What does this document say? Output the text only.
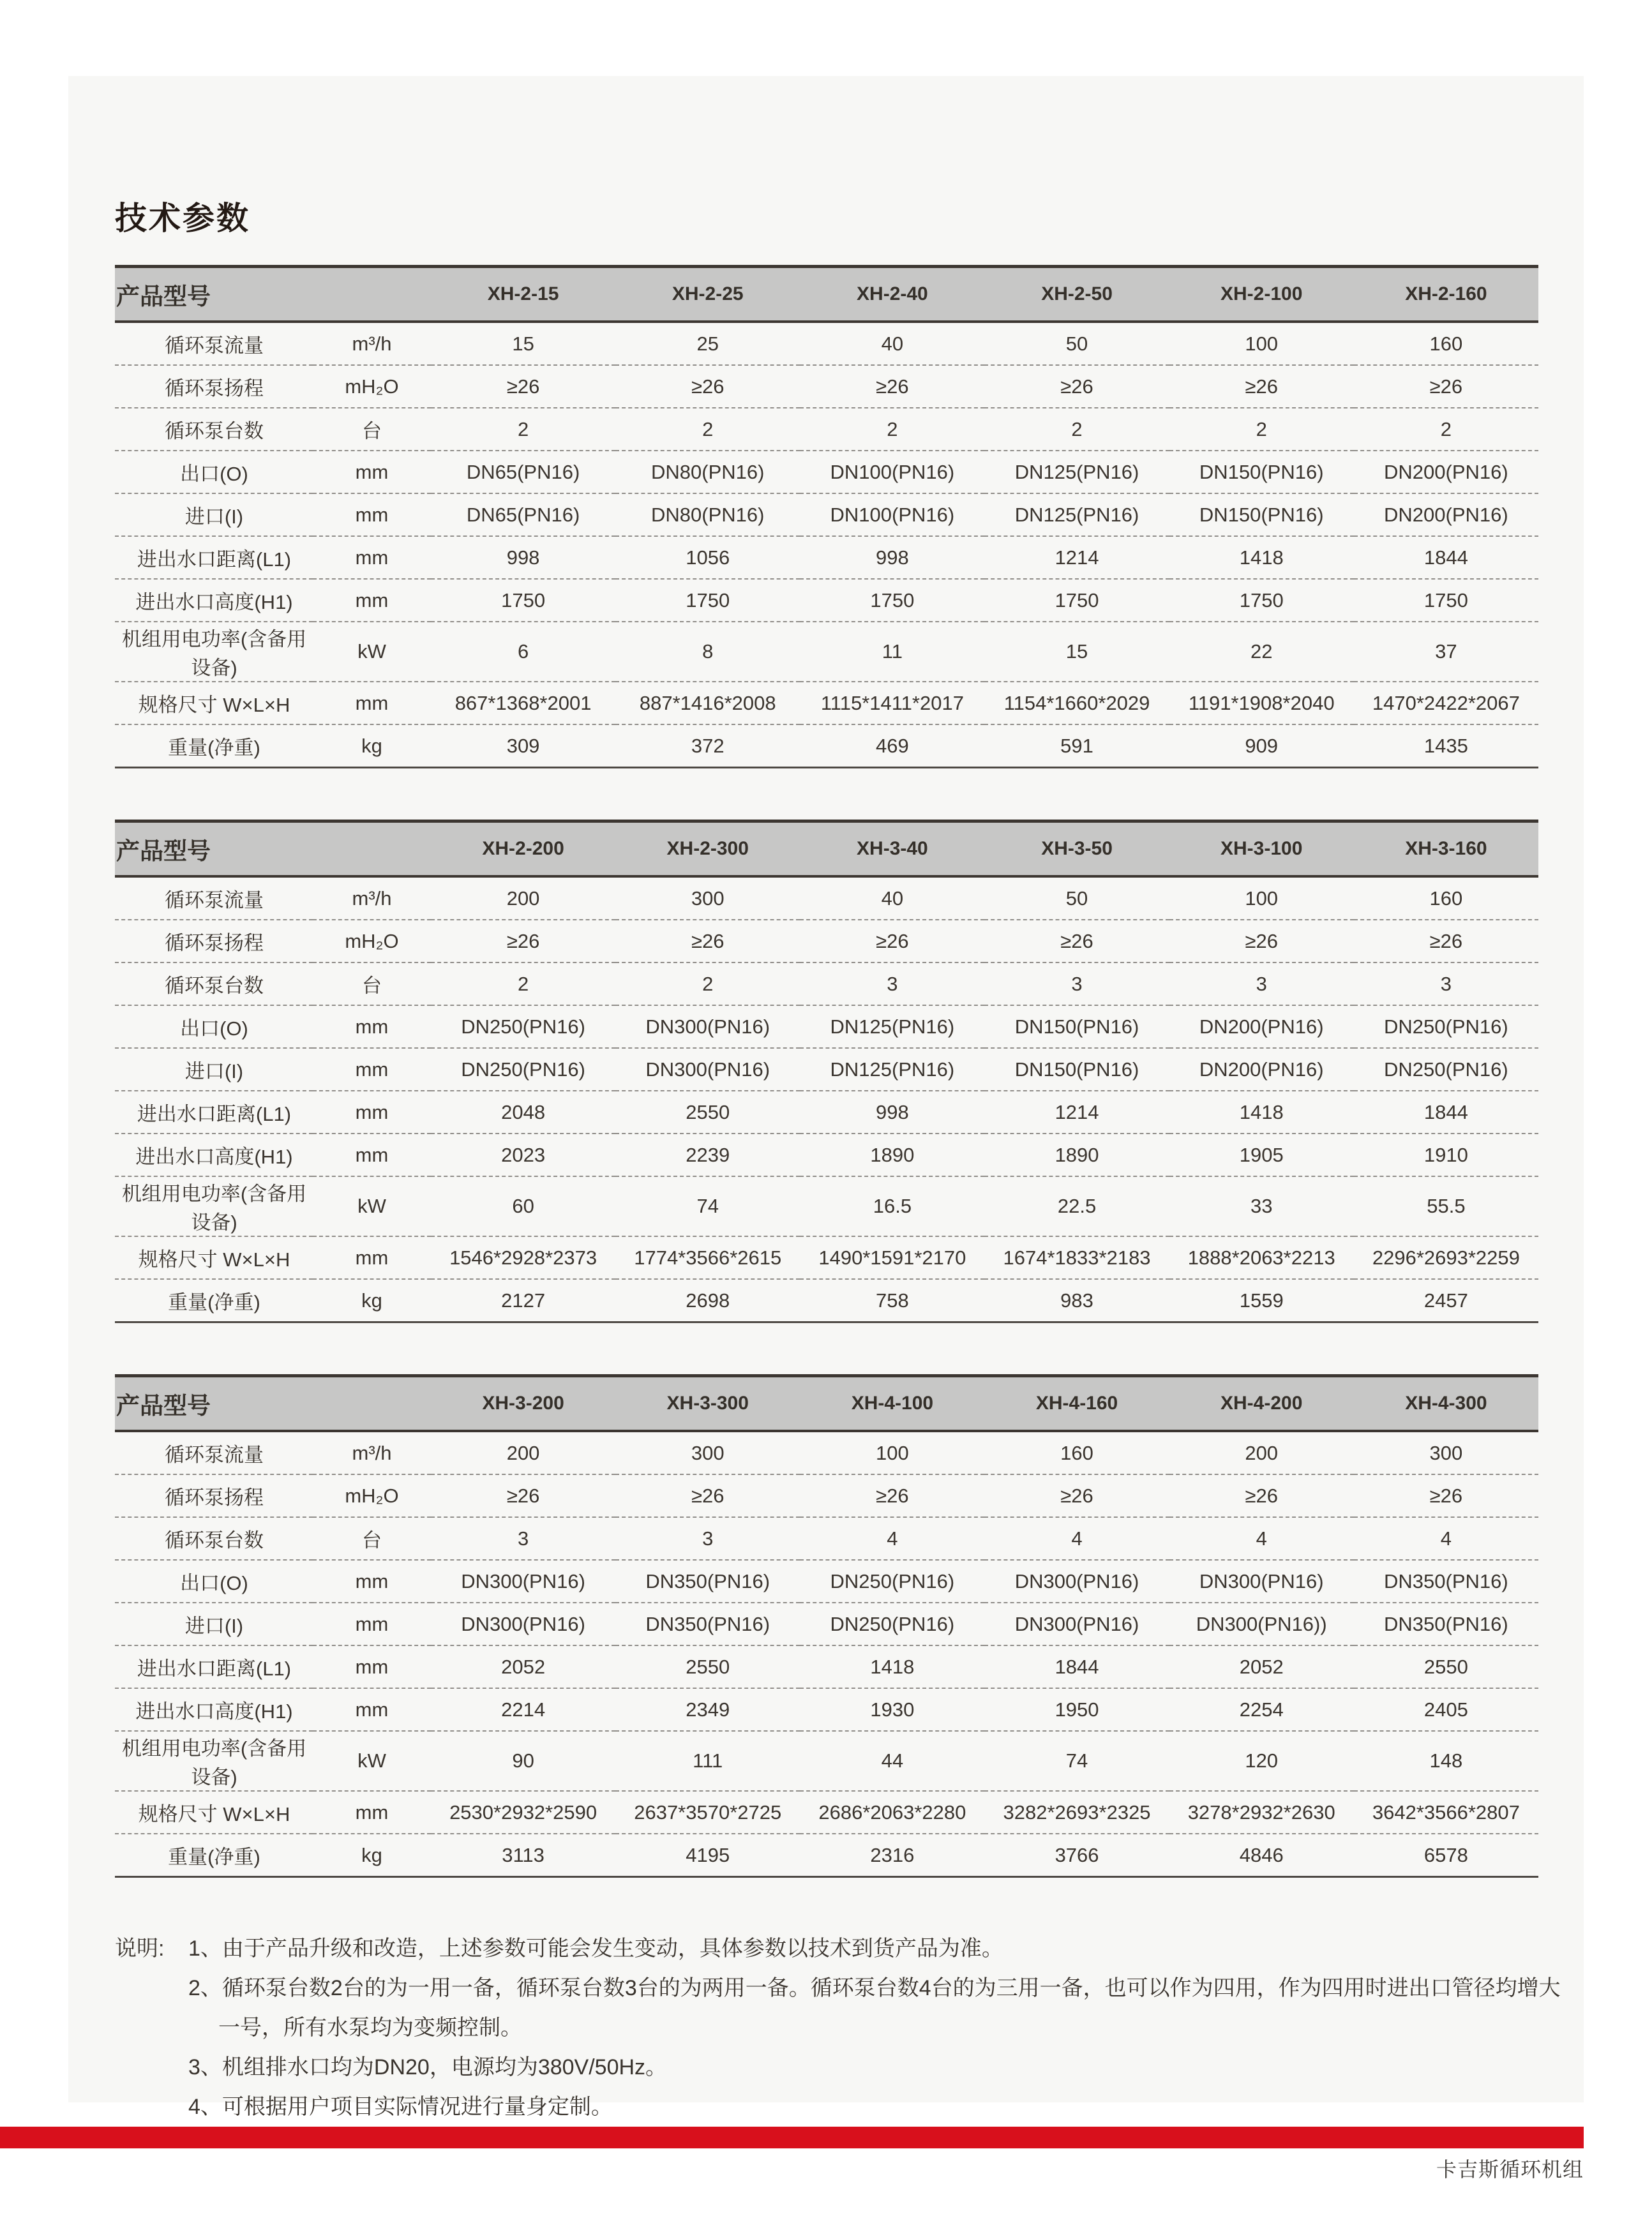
技术参数
产品型号		XH-2-15	XH-2-25	XH-2-40	XH-2-50	XH-2-100	XH-2-160
循环泵流量	m³/h	15	25	40	50	100	160
循环泵扬程	mH₂O	≥26	≥26	≥26	≥26	≥26	≥26
循环泵台数	台	2	2	2	2	2	2
出口(O)	mm	DN65(PN16)	DN80(PN16)	DN100(PN16)	DN125(PN16)	DN150(PN16)	DN200(PN16)
进口(I)	mm	DN65(PN16)	DN80(PN16)	DN100(PN16)	DN125(PN16)	DN150(PN16)	DN200(PN16)
进出水口距离(L1)	mm	998	1056	998	1214	1418	1844
进出水口高度(H1)	mm	1750	1750	1750	1750	1750	1750
机组用电功率(含备用设备)	kW	6	8	11	15	22	37
规格尺寸 W×L×H	mm	867*1368*2001	887*1416*2008	1115*1411*2017	1154*1660*2029	1191*1908*2040	1470*2422*2067
重量(净重)	kg	309	372	469	591	909	1435
产品型号		XH-2-200	XH-2-300	XH-3-40	XH-3-50	XH-3-100	XH-3-160
循环泵流量	m³/h	200	300	40	50	100	160
循环泵扬程	mH₂O	≥26	≥26	≥26	≥26	≥26	≥26
循环泵台数	台	2	2	3	3	3	3
出口(O)	mm	DN250(PN16)	DN300(PN16)	DN125(PN16)	DN150(PN16)	DN200(PN16)	DN250(PN16)
进口(I)	mm	DN250(PN16)	DN300(PN16)	DN125(PN16)	DN150(PN16)	DN200(PN16)	DN250(PN16)
进出水口距离(L1)	mm	2048	2550	998	1214	1418	1844
进出水口高度(H1)	mm	2023	2239	1890	1890	1905	1910
机组用电功率(含备用设备)	kW	60	74	16.5	22.5	33	55.5
规格尺寸 W×L×H	mm	1546*2928*2373	1774*3566*2615	1490*1591*2170	1674*1833*2183	1888*2063*2213	2296*2693*2259
重量(净重)	kg	2127	2698	758	983	1559	2457
产品型号		XH-3-200	XH-3-300	XH-4-100	XH-4-160	XH-4-200	XH-4-300
循环泵流量	m³/h	200	300	100	160	200	300
循环泵扬程	mH₂O	≥26	≥26	≥26	≥26	≥26	≥26
循环泵台数	台	3	3	4	4	4	4
出口(O)	mm	DN300(PN16)	DN350(PN16)	DN250(PN16)	DN300(PN16)	DN300(PN16)	DN350(PN16)
进口(I)	mm	DN300(PN16)	DN350(PN16)	DN250(PN16)	DN300(PN16)	DN300(PN16))	DN350(PN16)
进出水口距离(L1)	mm	2052	2550	1418	1844	2052	2550
进出水口高度(H1)	mm	2214	2349	1930	1950	2254	2405
机组用电功率(含备用设备)	kW	90	111	44	74	120	148
规格尺寸 W×L×H	mm	2530*2932*2590	2637*3570*2725	2686*2063*2280	3282*2693*2325	3278*2932*2630	3642*3566*2807
重量(净重)	kg	3113	4195	2316	3766	4846	6578
说明: 1、由于产品升级和改造，上述参数可能会发生变动，具体参数以技术到货产品为准。
2、循环泵台数2台的为一用一备，循环泵台数3台的为两用一备。循环泵台数4台的为三用一备，也可以作为四用，作为四用时进出口管径均增大
一号，所有水泵均为变频控制。
3、机组排水口均为DN20，电源均为380V/50Hz。
4、可根据用户项目实际情况进行量身定制。
卡吉斯循环机组
